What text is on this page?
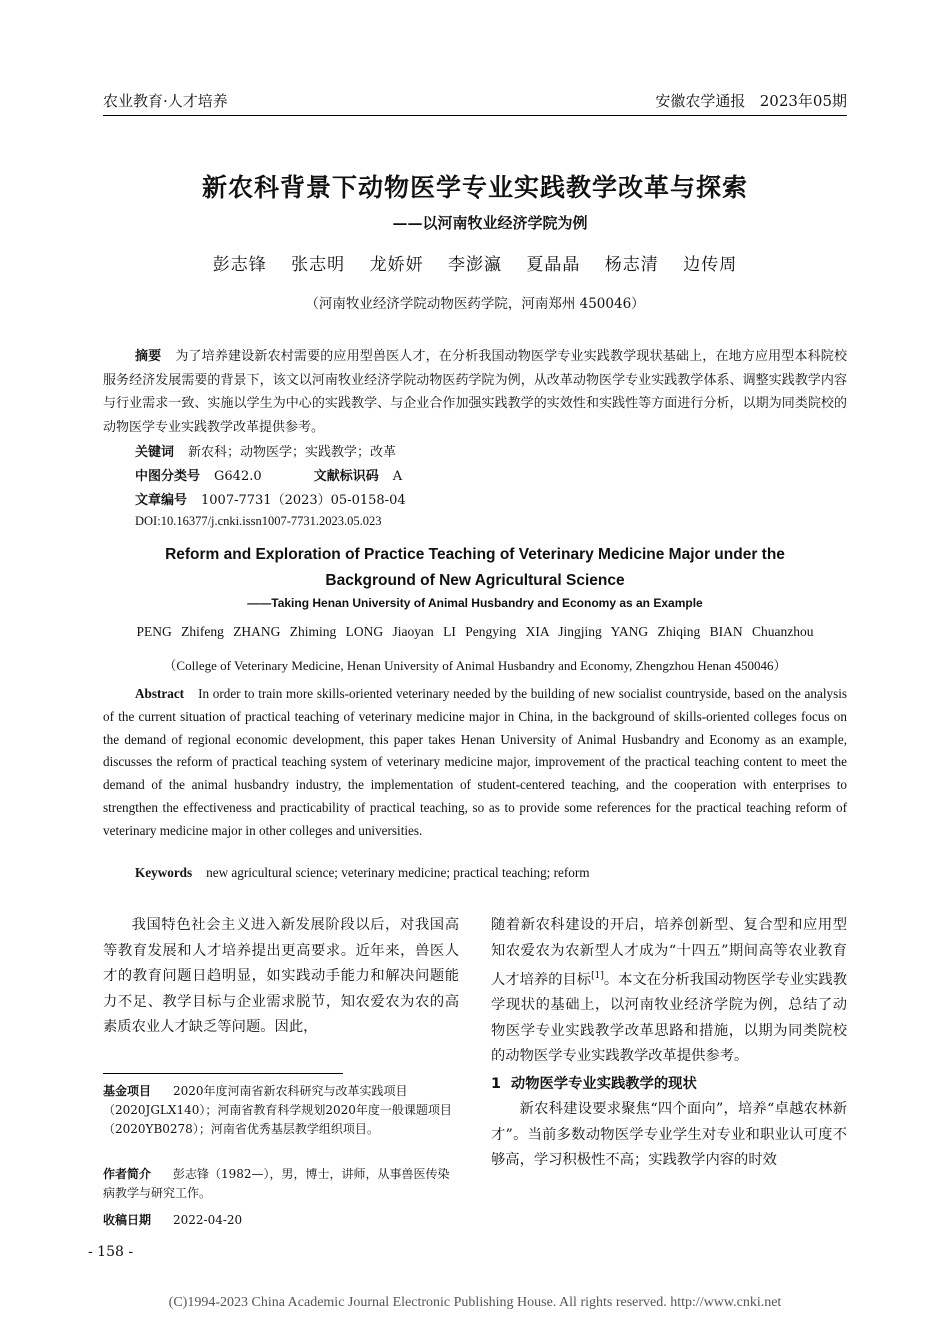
农业教育·人才培养	安徽农学通报 2023年05期
新农科背景下动物医学专业实践教学改革与探索
——以河南牧业经济学院为例
彭志锋 张志明 龙娇妍 李澎瀛 夏晶晶 杨志清 边传周
（河南牧业经济学院动物医药学院，河南郑州 450046）
摘要 为了培养建设新农村需要的应用型兽医人才，在分析我国动物医学专业实践教学现状基础上，在地方应用型本科院校服务经济发展需要的背景下，该文以河南牧业经济学院动物医药学院为例，从改革动物医学专业实践教学体系、调整实践教学内容与行业需求一致、实施以学生为中心的实践教学、与企业合作加强实践教学的实效性和实践性等方面进行分析，以期为同类院校的动物医学专业实践教学改革提供参考。
关键词 新农科；动物医学；实践教学；改革
中图分类号 G642.0	文献标识码 A
文章编号 1007-7731（2023）05-0158-04
DOI:10.16377/j.cnki.issn1007-7731.2023.05.023
Reform and Exploration of Practice Teaching of Veterinary Medicine Major under the Background of New Agricultural Science
——Taking Henan University of Animal Husbandry and Economy as an Example
PENG Zhifeng ZHANG Zhiming LONG Jiaoyan LI Pengying XIA Jingjing YANG Zhiqing BIAN Chuanzhou
（College of Veterinary Medicine, Henan University of Animal Husbandry and Economy, Zhengzhou Henan 450046）
Abstract In order to train more skills-oriented veterinary needed by the building of new socialist countryside, based on the analysis of the current situation of practical teaching of veterinary medicine major in China, in the background of skills-oriented colleges focus on the demand of regional economic development, this paper takes Henan University of Animal Husbandry and Economy as an example, discusses the reform of practical teaching system of veterinary medicine major, improvement of the practical teaching content to meet the demand of the animal husbandry industry, the implementation of student-centered teaching, and the cooperation with enterprises to strengthen the effectiveness and practicability of practical teaching, so as to provide some references for the practical teaching reform of veterinary medicine major in other colleges and universities.
Keywords new agricultural science; veterinary medicine; practical teaching; reform
我国特色社会主义进入新发展阶段以后，对我国高等教育发展和人才培养提出更高要求。近年来，兽医人才的教育问题日趋明显，如实践动手能力和解决问题能力不足、教学目标与企业需求脱节，知农爱农为农的高素质农业人才缺乏等问题。因此，
基金项目 2020年度河南省新农科研究与改革实践项目（2020JGLX140）；河南省教育科学规划2020年度一般课题项目（2020YB0278）；河南省优秀基层教学组织项目。
作者简介 彭志锋（1982—），男，博士，讲师，从事兽医传染病教学与研究工作。
收稿日期 2022-04-20
随着新农科建设的开启，培养创新型、复合型和应用型知农爱农为农新型人才成为“十四五”期间高等农业教育人才培养的目标[1]。本文在分析我国动物医学专业实践教学现状的基础上，以河南牧业经济学院为例，总结了动物医学专业实践教学改革思路和措施，以期为同类院校的动物医学专业实践教学改革提供参考。
1 动物医学专业实践教学的现状
新农科建设要求聚焦“四个面向”，培养“卓越农林新才”。当前多数动物医学专业学生对专业和职业认可度不够高，学习积极性不高；实践教学内容的时效
- 158 -
(C)1994-2023 China Academic Journal Electronic Publishing House. All rights reserved. http://www.cnki.net
